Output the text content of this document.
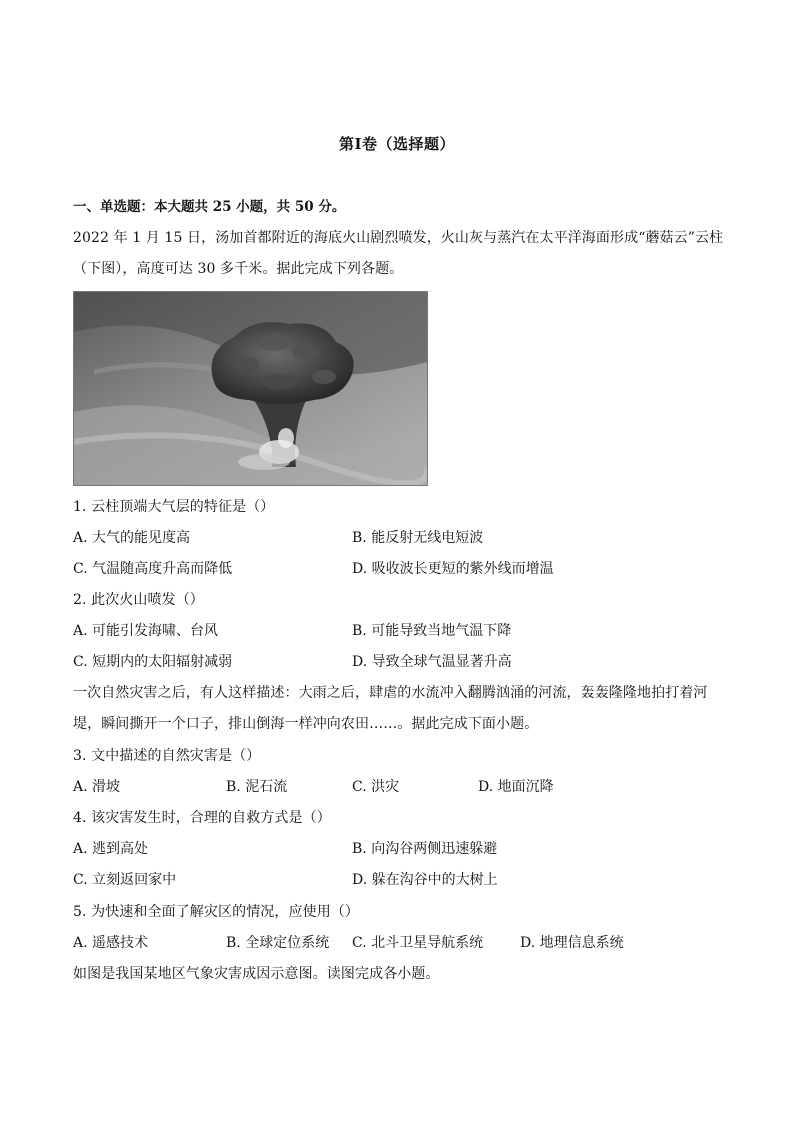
第Ⅰ卷（选择题）
一、单选题：本大题共 25 小题，共 50 分。
2022 年 1 月 15 日，汤加首都附近的海底火山剧烈喷发，火山灰与蒸汽在太平洋海面形成“蘑菇云”云柱
（下图），高度可达 30 多千米。据此完成下列各题。
1. 云柱顶端大气层的特征是（）
A. 大气的能见度高	B. 能反射无线电短波
C. 气温随高度升高而降低	D. 吸收波长更短的紫外线而增温
2. 此次火山喷发（）
A. 可能引发海啸、台风	B. 可能导致当地气温下降
C. 短期内的太阳辐射减弱	D. 导致全球气温显著升高
一次自然灾害之后，有人这样描述：大雨之后，肆虐的水流冲入翻腾汹涌的河流，轰轰隆隆地拍打着河
堤，瞬间撕开一个口子，排山倒海一样冲向农田……。据此完成下面小题。
3. 文中描述的自然灾害是（）
A. 滑坡	B. 泥石流	C. 洪灾	D. 地面沉降
4. 该灾害发生时，合理的自救方式是（）
A. 逃到高处	B. 向沟谷两侧迅速躲避
C. 立刻返回家中	D. 躲在沟谷中的大树上
5. 为快速和全面了解灾区的情况，应使用（）
A. 遥感技术	B. 全球定位系统 C. 北斗卫星导航系统	D. 地理信息系统
如图是我国某地区气象灾害成因示意图。读图完成各小题。
